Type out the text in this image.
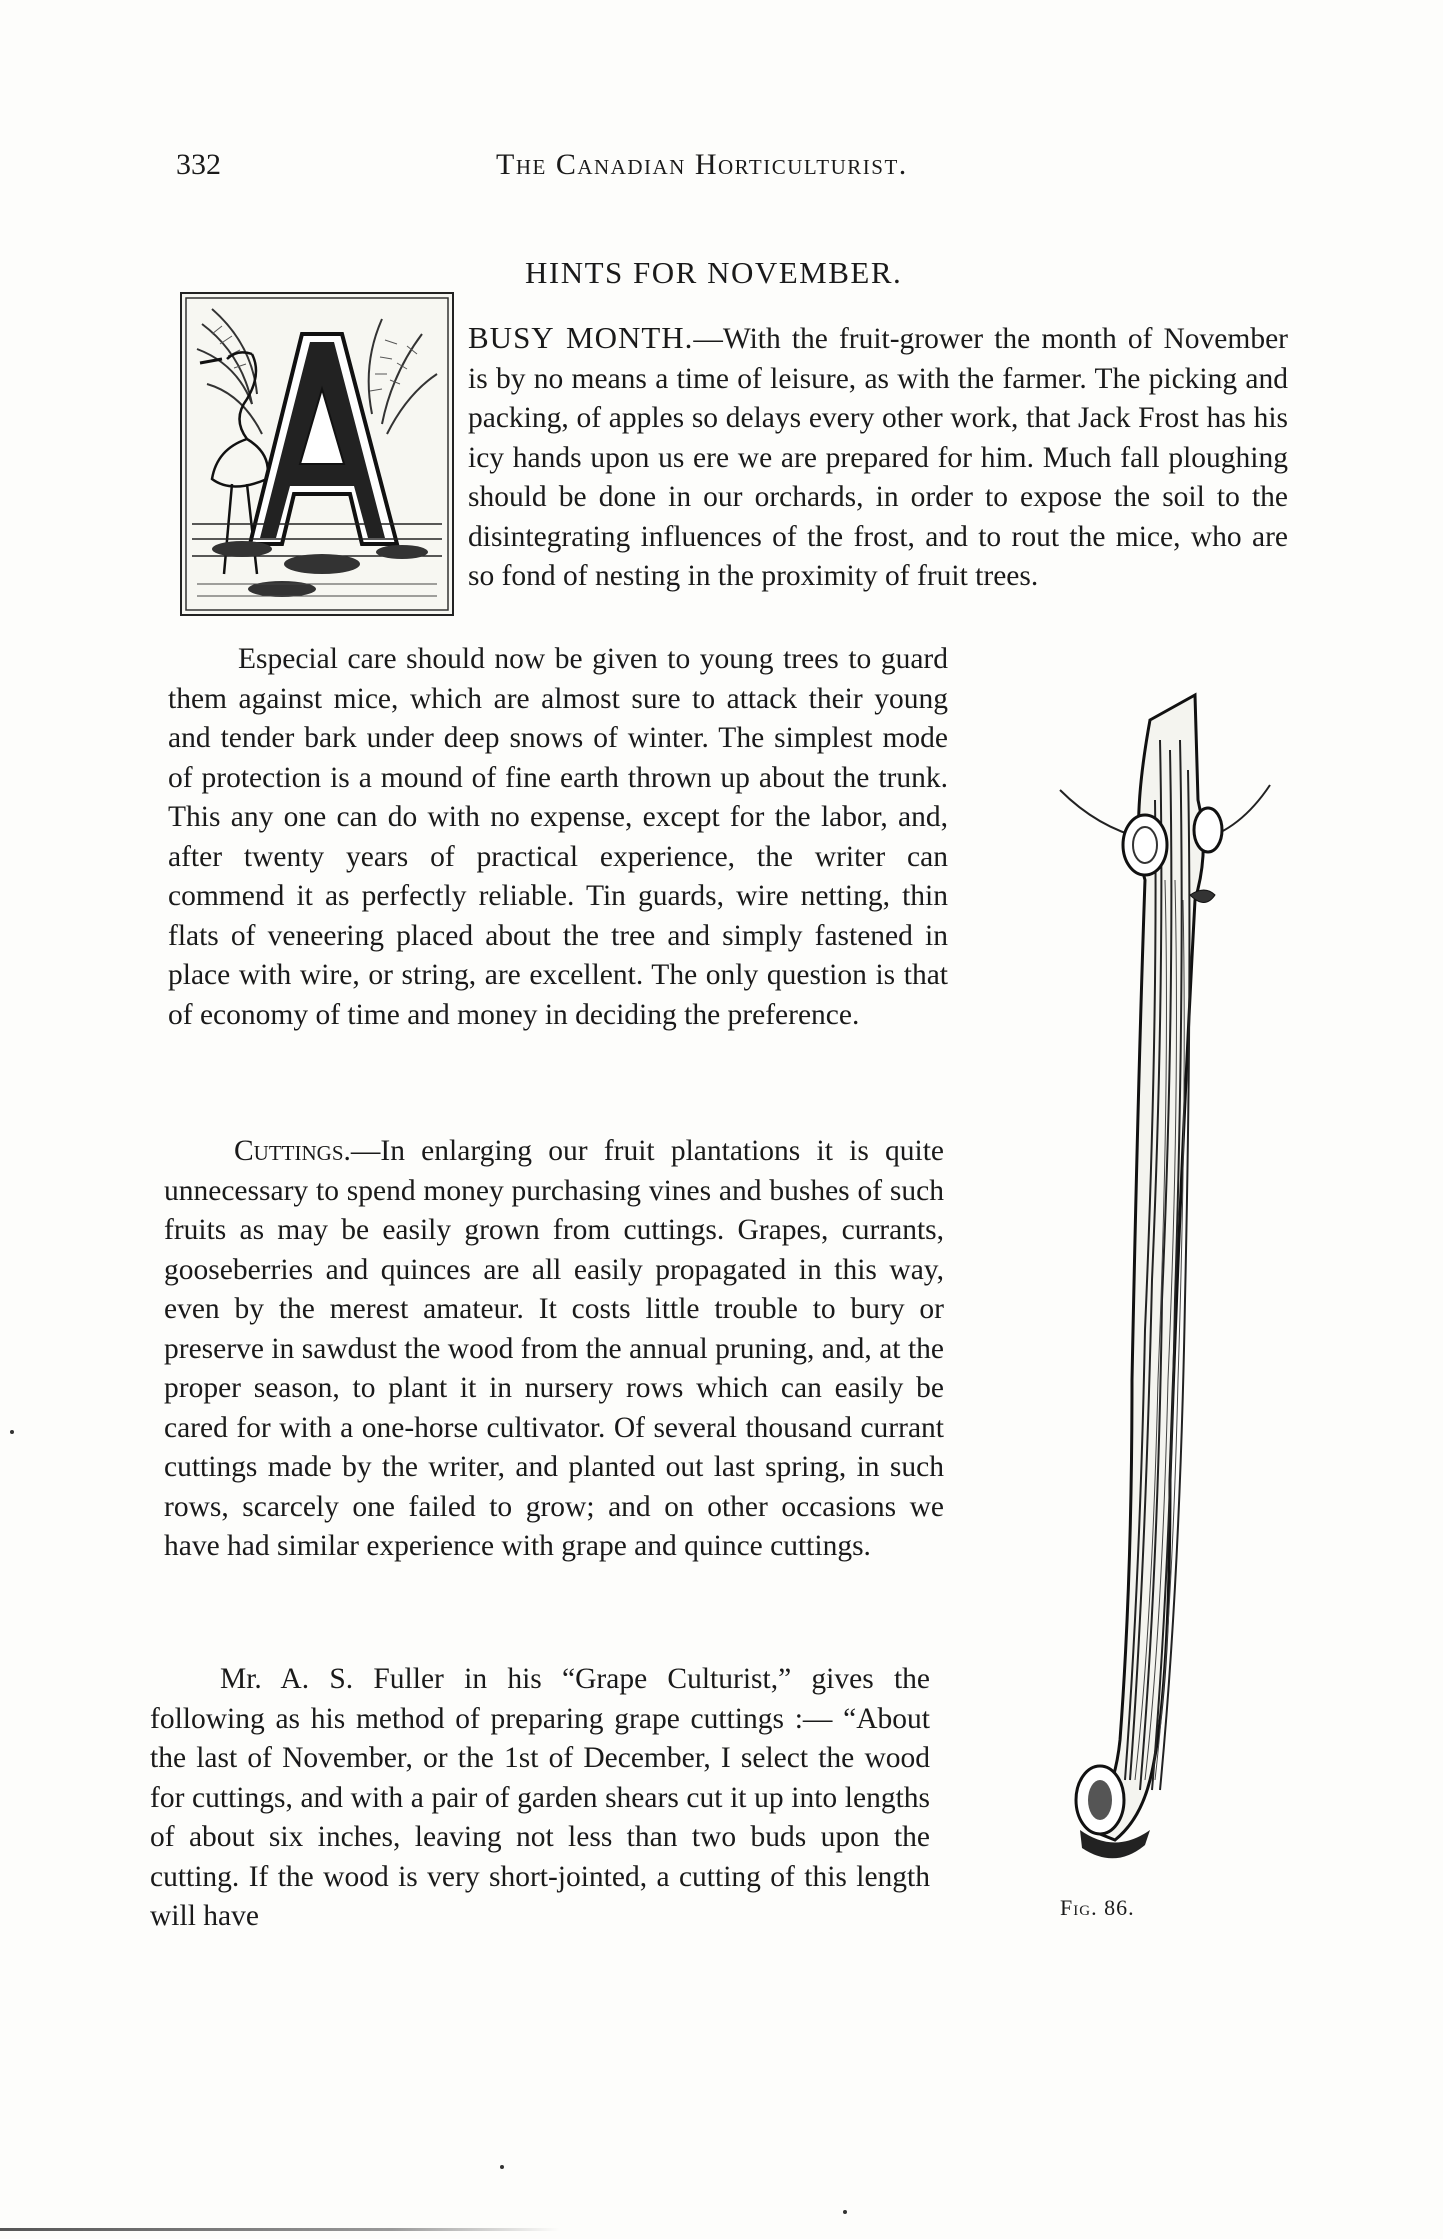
332	The Canadian Horticulturist.
HINTS FOR NOVEMBER.

BUSY MONTH.—With the fruit-grower the month of November is by no means a time of leisure, as with the farmer. The picking and packing, of apples so delays every other work, that Jack Frost has his icy hands upon us ere we are prepared for him. Much fall ploughing should be done in our orchards, in order to expose the soil to the disintegrating influences of the frost, and to rout the mice, who are so fond of nesting in the proximity of fruit trees.

Especial care should now be given to young trees to guard them against mice, which are almost sure to attack their young and tender bark under deep snows of winter. The simplest mode of protection is a mound of fine earth thrown up about the trunk. This any one can do with no expense, except for the labor, and, after twenty years of practical experience, the writer can commend it as perfectly reliable. Tin guards, wire netting, thin flats of veneering placed about the tree and simply fastened in place with wire, or string, are excellent. The only question is that of economy of time and money in deciding the preference.

Cuttings.—In enlarging our fruit plantations it is quite unnecessary to spend money purchasing vines and bushes of such fruits as may be easily grown from cuttings. Grapes, currants, gooseberries and quinces are all easily propagated in this way, even by the merest amateur. It costs little trouble to bury or preserve in sawdust the wood from the annual pruning, and, at the proper season, to plant it in nursery rows which can easily be cared for with a one-horse cultivator. Of several thousand currant cuttings made by the writer, and planted out last spring, in such rows, scarcely one failed to grow; and on other occasions we have had similar experience with grape and quince cuttings.

Mr. A. S. Fuller in his “Grape Culturist,” gives the following as his method of preparing grape cuttings :— “About the last of November, or the 1st of December, I select the wood for cuttings, and with a pair of garden shears cut it up into lengths of about six inches, leaving not less than two buds upon the cutting. If the wood is very short-jointed, a cutting of this length will have	Fig. 86.
